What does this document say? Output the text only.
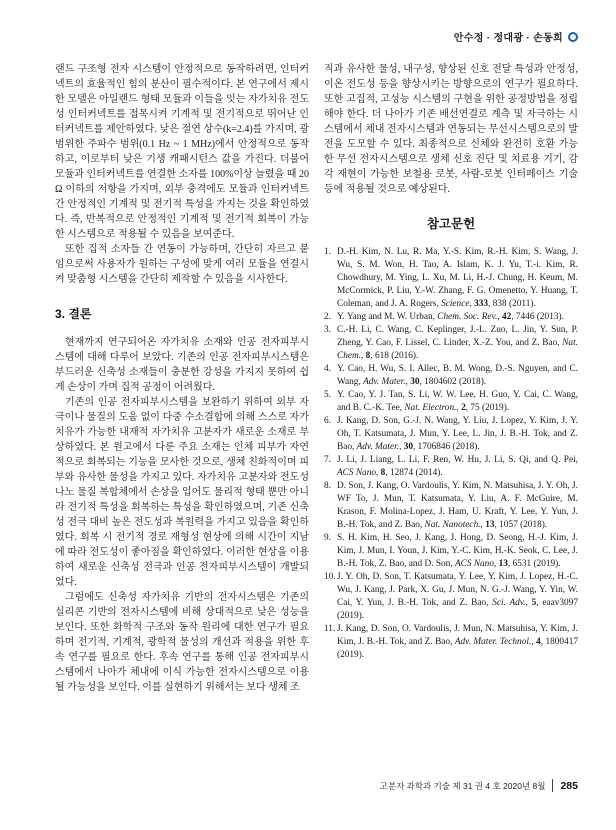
안수정 · 정대광 · 손동희

랜드 구조형 전자 시스템이 안정적으로 동작하려면, 인터커넥트의 효율적인 힘의 분산이 필수적이다. 본 연구에서 제시한 모델은 아일랜드 형태 모듈과 이들을 잇는 자가치유 전도성 인터커넥트를 접목시켜 기계적 및 전기적으로 뛰어난 인터커넥트를 제안하였다. 낮은 절연 상수(k=2.4)를 가지며, 광범위한 주파수 범위(0.1 Hz ~ 1 MHz)에서 안정적으로 동작하고, 이로부터 낮은 기생 캐패시턴스 값을 가진다. 더불어 모듈과 인터커넥트를 연결한 소자를 100%이상 늘렸을 때 20 Ω 이하의 저항을 가지며, 외부 충격에도 모듈과 인터커넥트 간 안정적인 기계적 및 전기적 특성을 가지는 것을 확인하였다. 즉, 반복적으로 안정적인 기계적 및 전기적 회복이 가능한 시스템으로 적용될 수 있음을 보여준다.

또한 집적 소자들 간 연동이 가능하며, 간단히 자르고 붙임으로써 사용자가 원하는 구성에 맞게 여러 모듈을 연결시켜 맞춤형 시스템을 간단히 제작할 수 있음을 시사한다.

3. 결론

현재까지 연구되어온 자가치유 소재와 인공 전자피부시스템에 대해 다루어 보았다. 기존의 인공 전자피부시스템은 부드러운 신축성 소재들이 충분한 강성을 가지지 못하여 쉽게 손상이 가며 집적 공정이 어려웠다.

기존의 인공 전자피부시스템을 보완하기 위하여 외부 자극이나 물질의 도움 없이 다중 수소결합에 의해 스스로 자가치유가 가능한 내재적 자가치유 고분자가 새로운 소재로 부상하였다. 본 원고에서 다룬 주요 소재는 인체 피부가 자연적으로 회복되는 기능을 모사한 것으로, 생체 친화적이며 피부와 유사한 물성을 가지고 있다. 자가치유 고분자와 전도성 나노 물질 복합체에서 손상을 입어도 물리적 형태 뿐만 아니라 전기적 특성을 회복하는 특성을 확인하였으며, 기존 신축성 전극 대비 높은 전도성과 복원력을 가지고 있음을 확인하였다. 회복 시 전기적 경로 재형성 현상에 의해 시간이 지남에 따라 전도성이 좋아짐을 확인하였다. 이러한 현상을 이용하여 새로운 신축성 전극과 인공 전자피부시스템이 개발되었다.

그럼에도 신축성 자가치유 기반의 전자시스템은 기존의 실리콘 기반의 전자시스템에 비해 상대적으로 낮은 성능을 보인다. 또한 화학적 구조와 동작 원리에 대한 연구가 필요하며 전기적, 기계적, 광학적 물성의 개선과 적용을 위한 후속 연구를 필요로 한다. 후속 연구를 통해 인공 전자피부시스템에서 나아가 체내에 이식 가능한 전자시스템으로 이용될 가능성을 보인다. 이를 실현하기 위해서는 보다 생체 조

직과 유사한 물성, 내구성, 향상된 신호 전달 특성과 안정성, 이온 전도성 등을 향상시키는 방향으로의 연구가 필요하다. 또한 고집적, 고성능 시스템의 구현을 위한 공정방법을 정립해야 한다. 더 나아가 기존 배선연결로 계측 및 자극하는 시스템에서 체내 전자시스템과 연동되는 무선시스템으로의 발전을 도모할 수 있다. 최종적으로 신체와 완전히 호환 가능한 무선 전자시스템으로 생체 신호 진단 및 치료용 기기, 감각 재현이 가능한 보철용 로봇, 사람-로봇 인터페이스 기술 등에 적용될 것으로 예상된다.

참고문헌
1. D.-H. Kim, N. Lu, R. Ma, Y.-S. Kim, R.-H. Kim, S. Wang, J. Wu, S. M. Won, H. Tao, A. Islam, K. J. Yu, T.-i. Kim, R. Chowdhury, M. Ying, L. Xu, M. Li, H.-J. Chung, H. Keum, M. McCormick, P. Liu, Y.-W. Zhang, F. G. Omenetto, Y. Huang, T. Coleman, and J. A. Rogers, Science, 333, 838 (2011).
2. Y. Yang and M. W. Urban, Chem. Soc. Rev., 42, 7446 (2013).
3. C.-H. Li, C. Wang, C. Keplinger, J.-L. Zuo, L. Jin, Y. Sun, P. Zheng, Y. Cao, F. Lissel, C. Linder, X.-Z. You, and Z. Bao, Nat. Chem., 8, 618 (2016).
4. Y. Cao, H. Wu, S. I. Allec, B. M. Wong, D.-S. Nguyen, and C. Wang, Adv. Mater., 30, 1804602 (2018).
5. Y. Cao, Y. J. Tan, S. Li, W. W. Lee, H. Guo, Y. Cai, C. Wang, and B. C.-K. Tee, Nat. Electron., 2, 75 (2019).
6. J. Kang, D. Son, G.-J. N. Wang, Y. Liu, J. Lopez, Y. Kim, J. Y. Oh, T. Katsumata, J. Mun, Y. Lee, L. Jin, J. B.-H. Tok, and Z. Bao, Adv. Mater., 30, 1706846 (2018).
7. J. Li, J. Liang, L. Li, F. Ren, W. Hu, J. Li, S. Qi, and Q. Pei, ACS Nano, 8, 12874 (2014).
8. D. Son, J. Kang, O. Vardoulis, Y. Kim, N. Matsuhisa, J. Y. Oh, J. WF To, J. Mun, T. Katsumata, Y. Liu, A. F. McGuire, M. Krason, F. Molina-Lopez, J. Ham, U. Kraft, Y. Lee, Y. Yun, J. B.-H. Tok, and Z. Bao, Nat. Nanotech., 13, 1057 (2018).
9. S. H. Kim, H. Seo, J. Kang, J. Hong, D. Seong, H.-J. Kim, J. Kim, J. Mun, I. Youn, J. Kim, Y.-C. Kim, H.-K. Seok, C. Lee, J. B.-H. Tok, Z. Bao, and D. Son, ACS Nano, 13, 6531 (2019).
10. J. Y. Oh, D. Son, T. Katsumata, Y. Lee, Y. Kim, J. Lopez, H.-C. Wu, J. Kang, J. Park, X. Gu, J. Mun, N. G.-J. Wang, Y. Yin, W. Cai, Y. Yun, J. B.-H. Tok, and Z. Bao, Sci. Adv., 5, eaav3097 (2019).
11. J. Kang, D. Son, O. Vardoulis, J. Mun, N. Matsuhisa, Y. Kim, J. Kim, J. B.-H. Tok, and Z. Bao, Adv. Mater. Technol., 4, 1800417 (2019).
고분자 과학과 기술 제 31 권 4 호 2020년 8월 285
